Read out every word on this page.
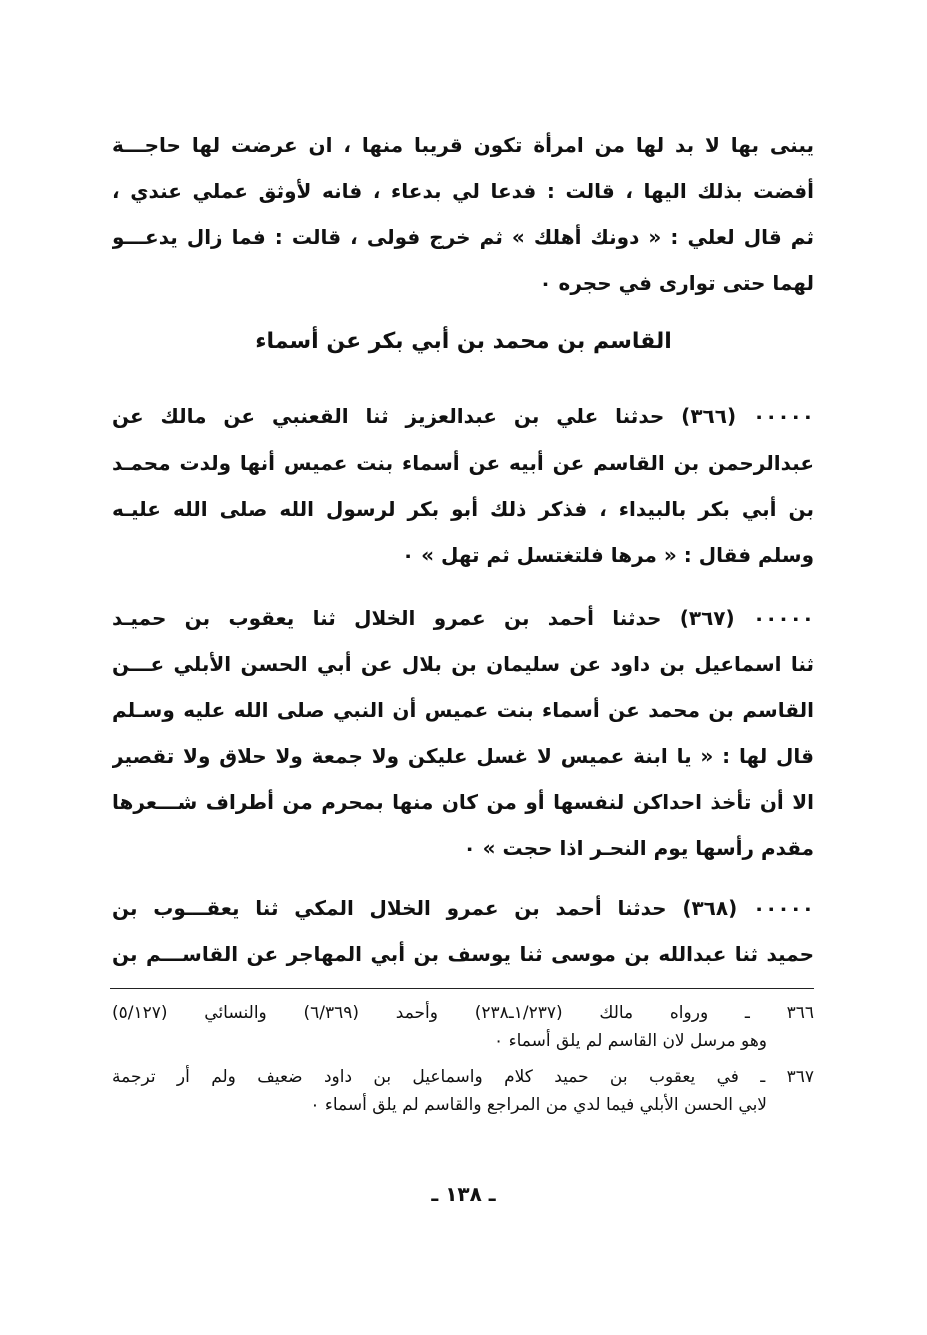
يبنى بها لا بد لها من امرأة تكون قريبا منها ، ان عرضت لها حاجـــة
أفضت بذلك اليها ، قالت : فدعا لي بدعاء ، فانه لأوثق عملي عندي ،
ثم قال لعلي : « دونك أهلك » ثم خرج فولى ، قالت : فما زال يدعـــو
لهما حتى توارى في حجره ٠
القاسم بن محمد بن أبي بكر عن أسماء
٠٠٠٠٠ (٣٦٦) حدثنا علي بن عبدالعزيز ثنا القعنبي عن مالك عن
عبدالرحمن بن القاسم عن أبيه عن أسماء بنت عميس أنها ولدت محمـد
بن أبي بكر بالبيداء ، فذكر ذلك أبو بكر لرسول الله صلى الله عليـه
وسلم فقال : « مرها فلتغتسل ثم تهل » ٠
٠٠٠٠٠ (٣٦٧) حدثنا أحمد بن عمرو الخلال ثنا يعقوب بن حميـد
ثنا اسماعيل بن داود عن سليمان بن بلال عن أبي الحسن الأبلي عـــن
القاسم بن محمد عن أسماء بنت عميس أن النبي صلى الله عليه وسـلم
قال لها : « يا ابنة عميس لا غسل عليكن ولا جمعة ولا حلاق ولا تقصير
الا أن تأخذ احداكن لنفسها أو من كان منها بمحرم من أطراف شـــعرها
مقدم رأسها يوم النحـر اذا حجت » ٠
٠٠٠٠٠ (٣٦٨) حدثنا أحمد بن عمرو الخلال المكي ثنا يعقـــوب بن
حميد ثنا عبدالله بن موسى ثنا يوسف بن أبي المهاجر عن القاســـم بن
٣٦٦ ـ ورواه مالك (١/٢٣٧ـ٢٣٨) وأحمد (٦/٣٦٩) والنسائي (٥/١٢٧)
وهو مرسل لان القاسم لم يلق أسماء ٠
٣٦٧ ـ في يعقوب بن حميد كلام واسماعيل بن داود ضعيف ولم أر ترجمة
لابي الحسن الأبلي فيما لدي من المراجع والقاسم لم يلق أسماء ٠
ـ ١٣٨ ـ
